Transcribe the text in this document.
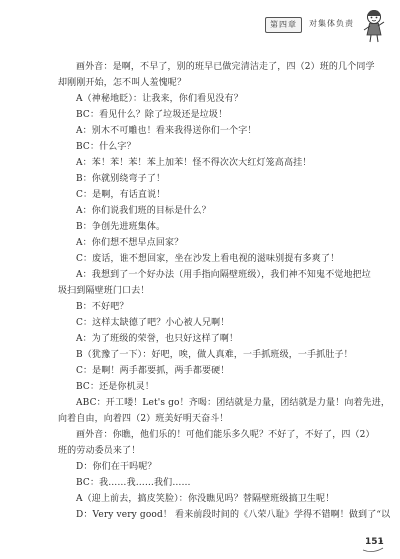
第四章	对集体负责
画外音：是啊，不早了，别的班早已做完清洁走了，四（2）班的几个同学
却刚刚开始，怎不叫人羞愧呢？
A（神秘地眨）：让我来，你们看见没有？
BC：看见什么？除了垃圾还是垃圾！
A：别木不可雕也！看来我得送你们一个字！
BC：什么字？
A：苯！苯！苯！苯上加苯！怪不得次次大红灯笼高高挂！
B：你就别绕弯子了！
C：是啊，有话直说！
A：你们说我们班的目标是什么？
B：争创先进班集体。
A：你们想不想早点回家？
C：废话，谁不想回家，坐在沙发上看电视的滋味别提有多爽了！
A：我想到了一个好办法（用手指向隔壁班级），我们神不知鬼不觉地把垃
圾扫到隔壁班门口去！
B：不好吧？
C：这样太缺德了吧？小心被人兄啊！
A：为了班级的荣誉，也只好这样了啊！
B（犹豫了一下）：好吧，唉，做人真难，一手抓班级，一手抓肚子！
C：是啊！两手都要抓，两手都要硬！
BC：还是你机灵！
ABC：开工喽！Let's go！齐喝：团结就是力量，团结就是力量！向着先进，
向着自由，向着四（2）班美好明天奋斗！
画外音：你瞧，他们乐的！可他们能乐多久呢？不好了，不好了，四（2）
班的劳动委员来了！
D：你们在干吗呢？
BC：我……我……我们……
A（迎上前去，搞皮笑脸）：你没瞧见吗？替隔壁班级搞卫生呢！
D：Very very good！ 看来前段时间的《八荣八耻》学得不错啊！做到了“以
151
